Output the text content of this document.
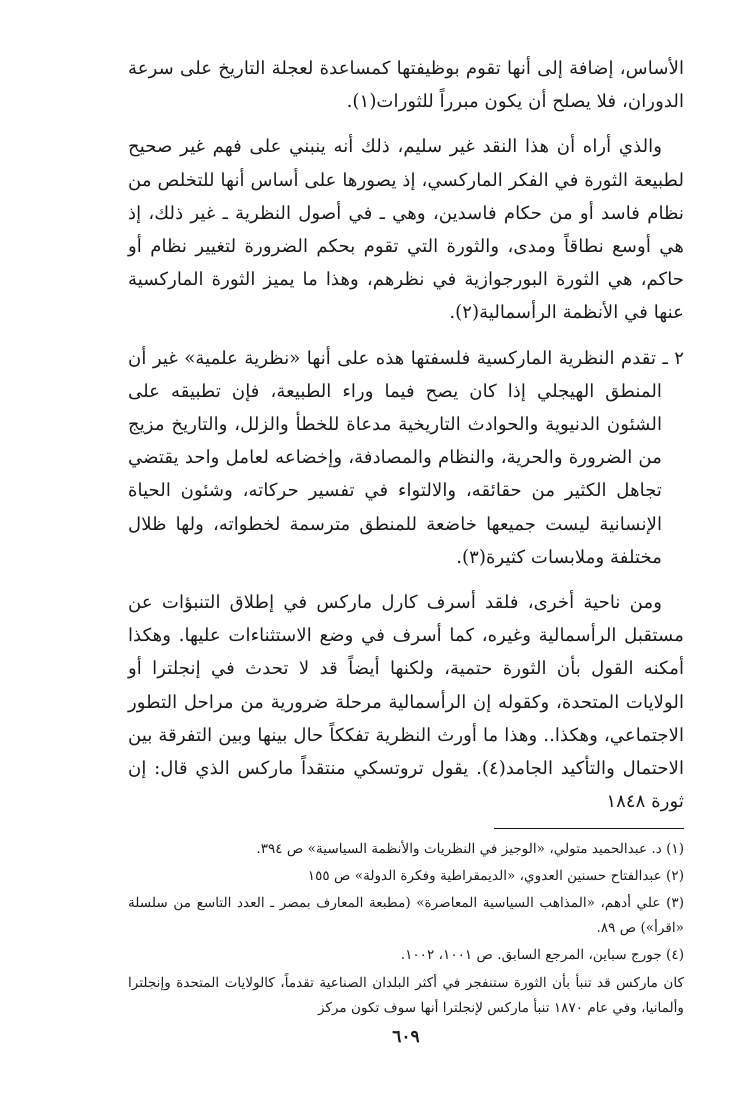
الأساس، إضافة إلى أنها تقوم بوظيفتها كمساعدة لعجلة التاريخ على سرعة الدوران، فلا يصلح أن يكون مبرراً للثورات(١).

والذي أراه أن هذا النقد غير سليم، ذلك أنه ينبني على فهم غير صحيح لطبيعة الثورة في الفكر الماركسي، إذ يصورها على أساس أنها للتخلص من نظام فاسد أو من حكام فاسدين، وهي ـ في أصول النظرية ـ غير ذلك، إذ هي أوسع نطاقاً ومدى، والثورة التي تقوم بحكم الضرورة لتغيير نظام أو حاكم، هي الثورة البورجوازية في نظرهم، وهذا ما يميز الثورة الماركسية عنها في الأنظمة الرأسمالية(٢).

٢ ـ تقدم النظرية الماركسية فلسفتها هذه على أنها «نظرية علمية» غير أن المنطق الهيجلي إذا كان يصح فيما وراء الطبيعة، فإن تطبيقه على الشئون الدنيوية والحوادث التاريخية مدعاة للخطأ والزلل، والتاريخ مزيج من الضرورة والحرية، والنظام والمصادفة، وإخضاعه لعامل واحد يقتضي تجاهل الكثير من حقائقه، والالتواء في تفسير حركاته، وشئون الحياة الإنسانية ليست جميعها خاضعة للمنطق مترسمة لخطواته، ولها ظلال مختلفة وملابسات كثيرة(٣).

ومن ناحية أخرى، فلقد أسرف كارل ماركس في إطلاق التنبؤات عن مستقبل الرأسمالية وغيره، كما أسرف في وضع الاستثناءات عليها. وهكذا أمكنه القول بأن الثورة حتمية، ولكنها أيضاً قد لا تحدث في إنجلترا أو الولايات المتحدة، وكقوله إن الرأسمالية مرحلة ضرورية من مراحل التطور الاجتماعي، وهكذا.. وهذا ما أورث النظرية تفككاً حال بينها وبين التفرقة بين الاحتمال والتأكيد الجامد(٤). يقول تروتسكي منتقداً ماركس الذي قال: إن ثورة ١٨٤٨

(١) د. عبدالحميد متولي، «الوجيز في النظريات والأنظمة السياسية» ص ٣٩٤.

(٢) عبدالفتاح حسنين العدوي، «الديمقراطية وفكرة الدولة» ص ١٥٥

(٣) علي أدهم، «المذاهب السياسية المعاصرة» (مطبعة المعارف بمصر ـ العدد التاسع من سلسلة «اقرأ») ص ٨٩.

(٤) جورج سباين، المرجع السابق. ص ١٠٠١، ١٠٠٢.

كان ماركس قد تنبأ بأن الثورة ستنفجر في أكثر البلدان الصناعية تقدماً، كالولايات المتحدة وإنجلترا وألمانيا، وفي عام ١٨٧٠ تنبأ ماركس لإنجلترا أنها سوف تكون مركز

٦٠٩
